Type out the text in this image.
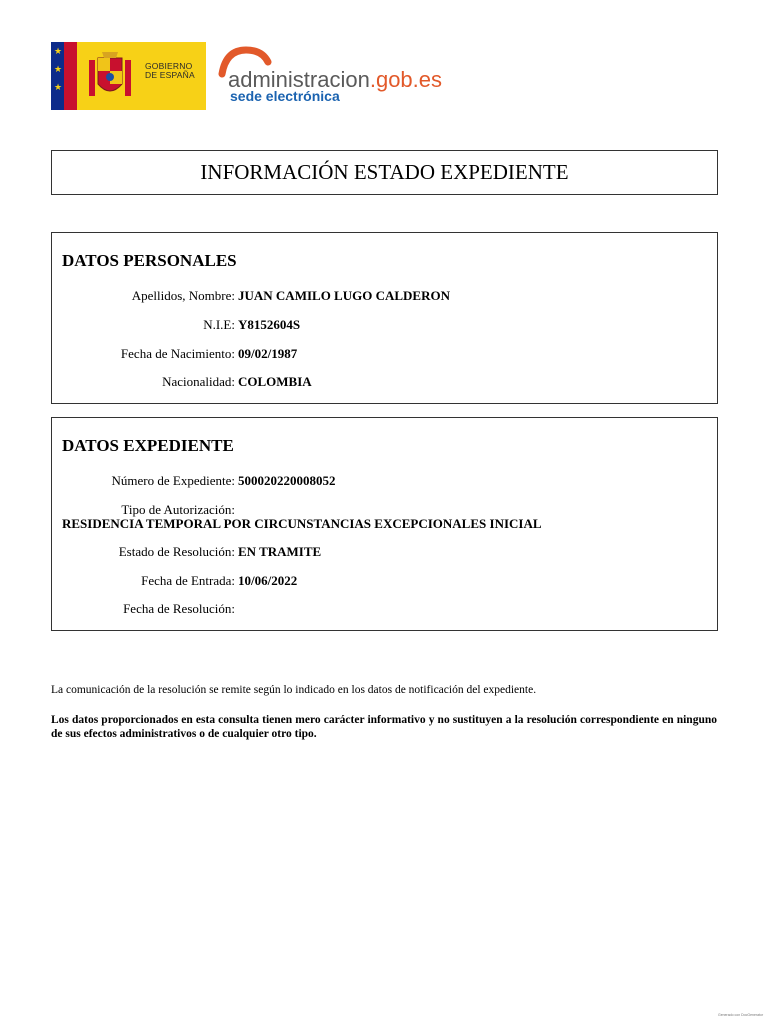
★
★
★
GOBIERNO
DE ESPAÑA administracion.gob.es
sede electrónica
INFORMACIÓN ESTADO EXPEDIENTE
DATOS PERSONALES
Apellidos, Nombre: JUAN CAMILO LUGO CALDERON
N.I.E: Y8152604S
Fecha de Nacimiento: 09/02/1987
Nacionalidad: COLOMBIA
DATOS EXPEDIENTE
Número de Expediente: 500020220008052
Tipo de Autorización:
RESIDENCIA TEMPORAL POR CIRCUNSTANCIAS EXCEPCIONALES INICIAL
Estado de Resolución: EN TRAMITE
Fecha de Entrada: 10/06/2022
Fecha de Resolución:
La comunicación de la resolución se remite según lo indicado en los datos de notificación del expediente.
Los datos proporcionados en esta consulta tienen mero carácter informativo y no sustituyen a la resolución correspondiente en ninguno de sus efectos administrativos o de cualquier otro tipo.
Generado con DocGenerator
